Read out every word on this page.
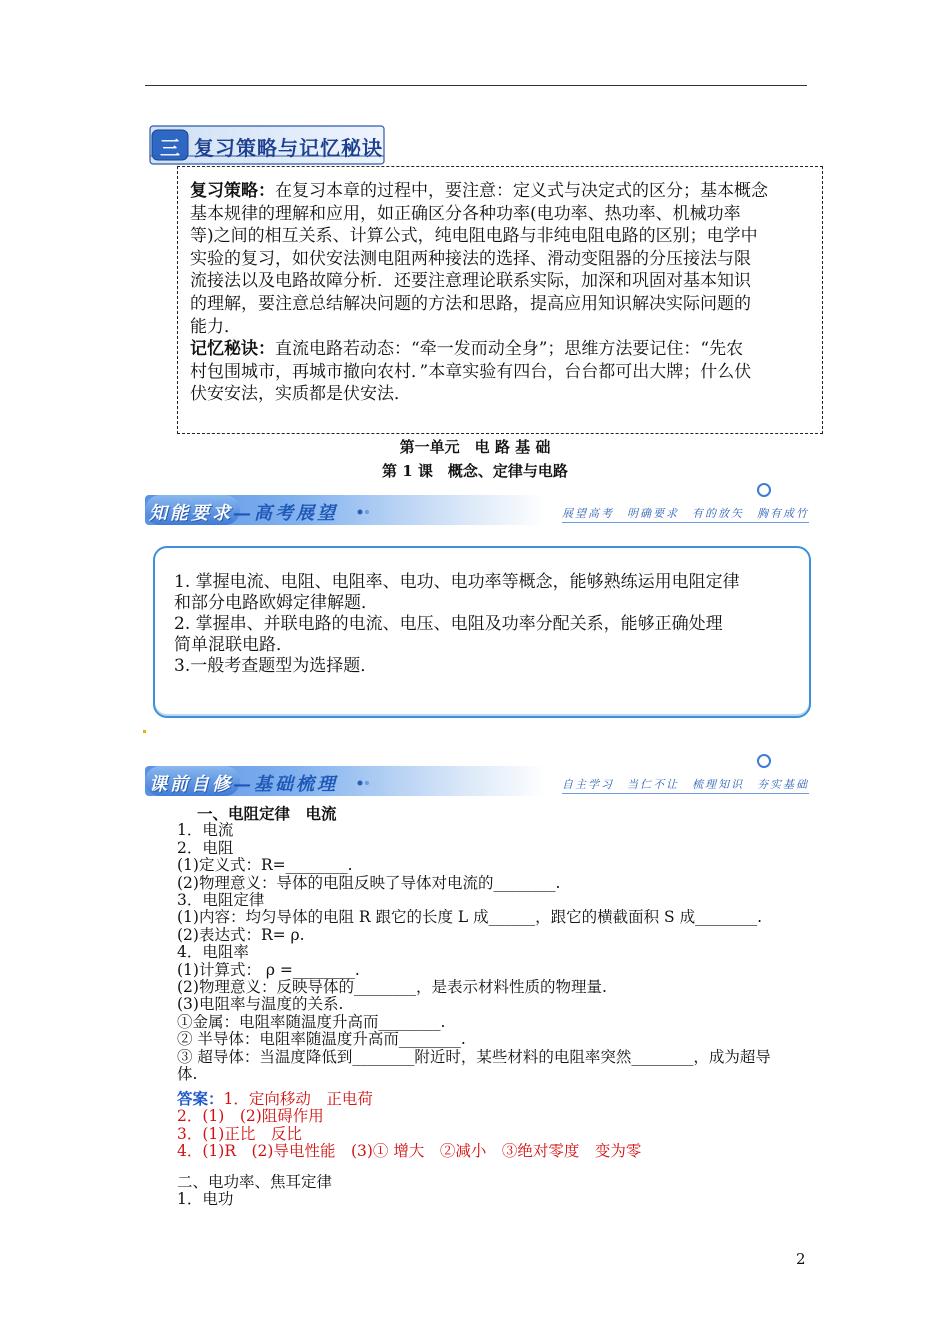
三 复习策略与记忆秘诀

复习策略：在复习本章的过程中，要注意：定义式与决定式的区分；基本概念

基本规律的理解和应用，如正确区分各种功率(电功率、热功率、机械功率

等)之间的相互关系、计算公式，纯电阻电路与非纯电阻电路的区别；电学中

实验的复习，如伏安法测电阻两种接法的选择、滑动变阻器的分压接法与限

流接法以及电路故障分析．还要注意理论联系实际，加深和巩固对基本知识

的理解，要注意总结解决问题的方法和思路，提高应用知识解决实际问题的

能力．

记忆秘诀：直流电路若动态：“牵一发而动全身”；思维方法要记住：“先农

村包围城市，再城市撤向农村．”本章实验有四台，台台都可出大牌；什么伏

伏安安法，实质都是伏安法．

第一单元　电 路 基 础
第 1 课　概念、定律与电路
知能要求—高考展望	展望高考　明确要求　有的放矢　胸有成竹

1. 掌握电流、电阻、电阻率、电功、电功率等概念，能够熟练运用电阻定律

和部分电路欧姆定律解题．

2. 掌握串、并联电路的电流、电压、电阻及功率分配关系，能够正确处理

简单混联电路．

3.一般考查题型为选择题．

课前自修—基础梳理	自主学习　当仁不让　梳理知识　夯实基础
一、电阻定律　电流
1．电流
2．电阻
(1)定义式：R=________.
(2)物理意义：导体的电阻反映了导体对电流的________.
3．电阻定律
(1)内容：均匀导体的电阻 R 跟它的长度 L 成______，跟它的横截面积 S 成________.
(2)表达式：R= ρ.
4．电阻率
(1)计算式： ρ =________.
(2)物理意义：反映导体的________，是表示材料性质的物理量.
(3)电阻率与温度的关系.
①金属：电阻率随温度升高而________.
② 半导体：电阻率随温度升高而________.
③ 超导体：当温度降低到________附近时，某些材料的电阻率突然________，成为超导
体.
答案：1．定向移动　正电荷
2．(1)　(2)阻碍作用
3．(1)正比　反比
4．(1)R　(2)导电性能　(3)① 增大　②减小　③绝对零度　变为零
二、电功率、焦耳定律
1．电功
2
